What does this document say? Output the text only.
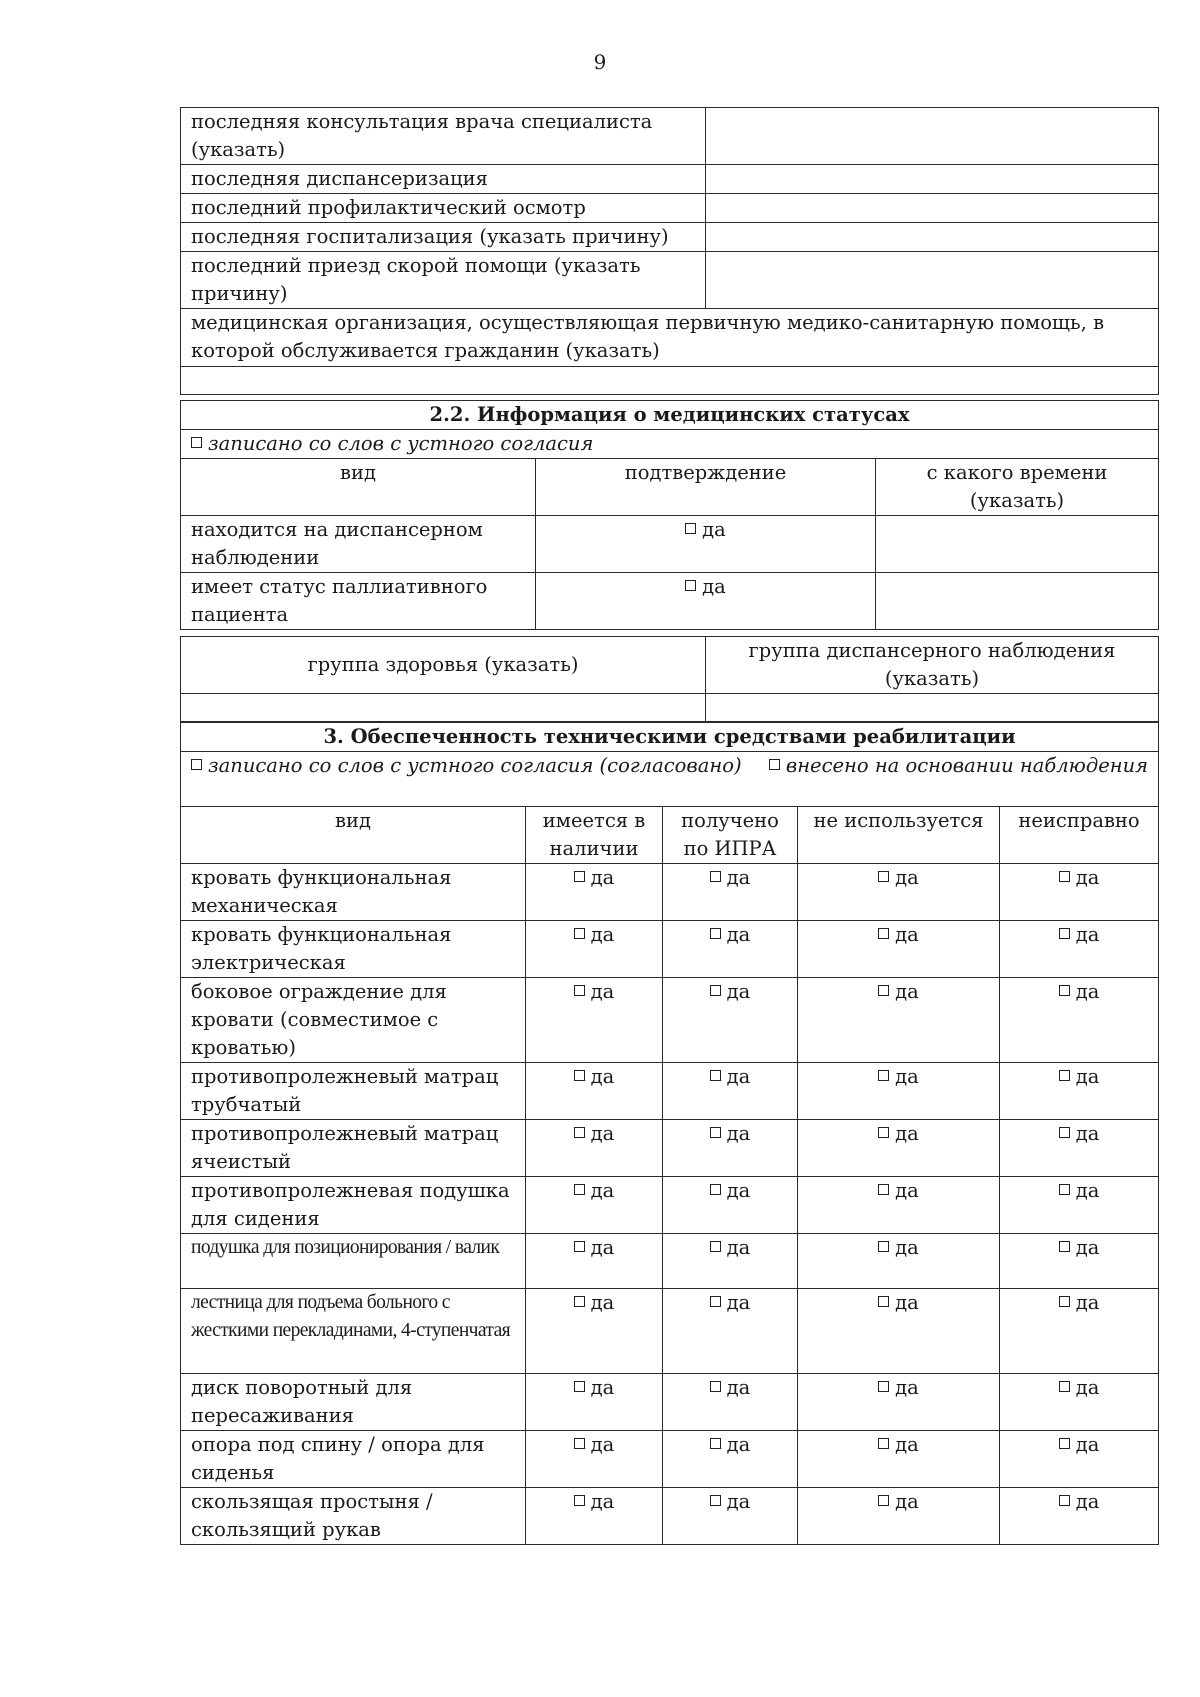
9
последняя консультация врача специалиста (указать)	
последняя диспансеризация	
последний профилактический осмотр	
последняя госпитализация (указать причину)	
последний приезд скорой помощи (указать причину)	
медицинская организация, осуществляющая первичную медико-санитарную помощь, в которой обслуживается гражданин (указать)	

2.2. Информация о медицинских статусах		
записано со слов с устного согласия		
вид	подтверждение	с какого времени (указать)
находится на диспансерном наблюдении	да	
имеет статус паллиативного пациента	да	
группа здоровья (указать)	группа диспансерного наблюдения (указать)

3. Обеспеченность техническими средствами реабилитации				

внесено на основании наблюдения
записано со слов с устного согласия (согласовано)				
вид	имеется в наличии	получено по ИПРА	не используется	неисправно
кровать функциональная механическая	да	да	да	да
кровать функциональная электрическая	да	да	да	да
боковое ограждение для кровати (совместимое с кроватью)	да	да	да	да
противопролежневый матрац трубчатый	да	да	да	да
противопролежневый матрац ячеистый	да	да	да	да
противопролежневая подушка для сидения	да	да	да	да
подушка для позиционирования / валик	да	да	да	да
лестница для подъема больного с жесткими перекладинами, 4-ступенчатая	да	да	да	да
диск поворотный для пересаживания	да	да	да	да
опора под спину / опора для сиденья	да	да	да	да
скользящая простыня / скользящий рукав	да	да	да	да
